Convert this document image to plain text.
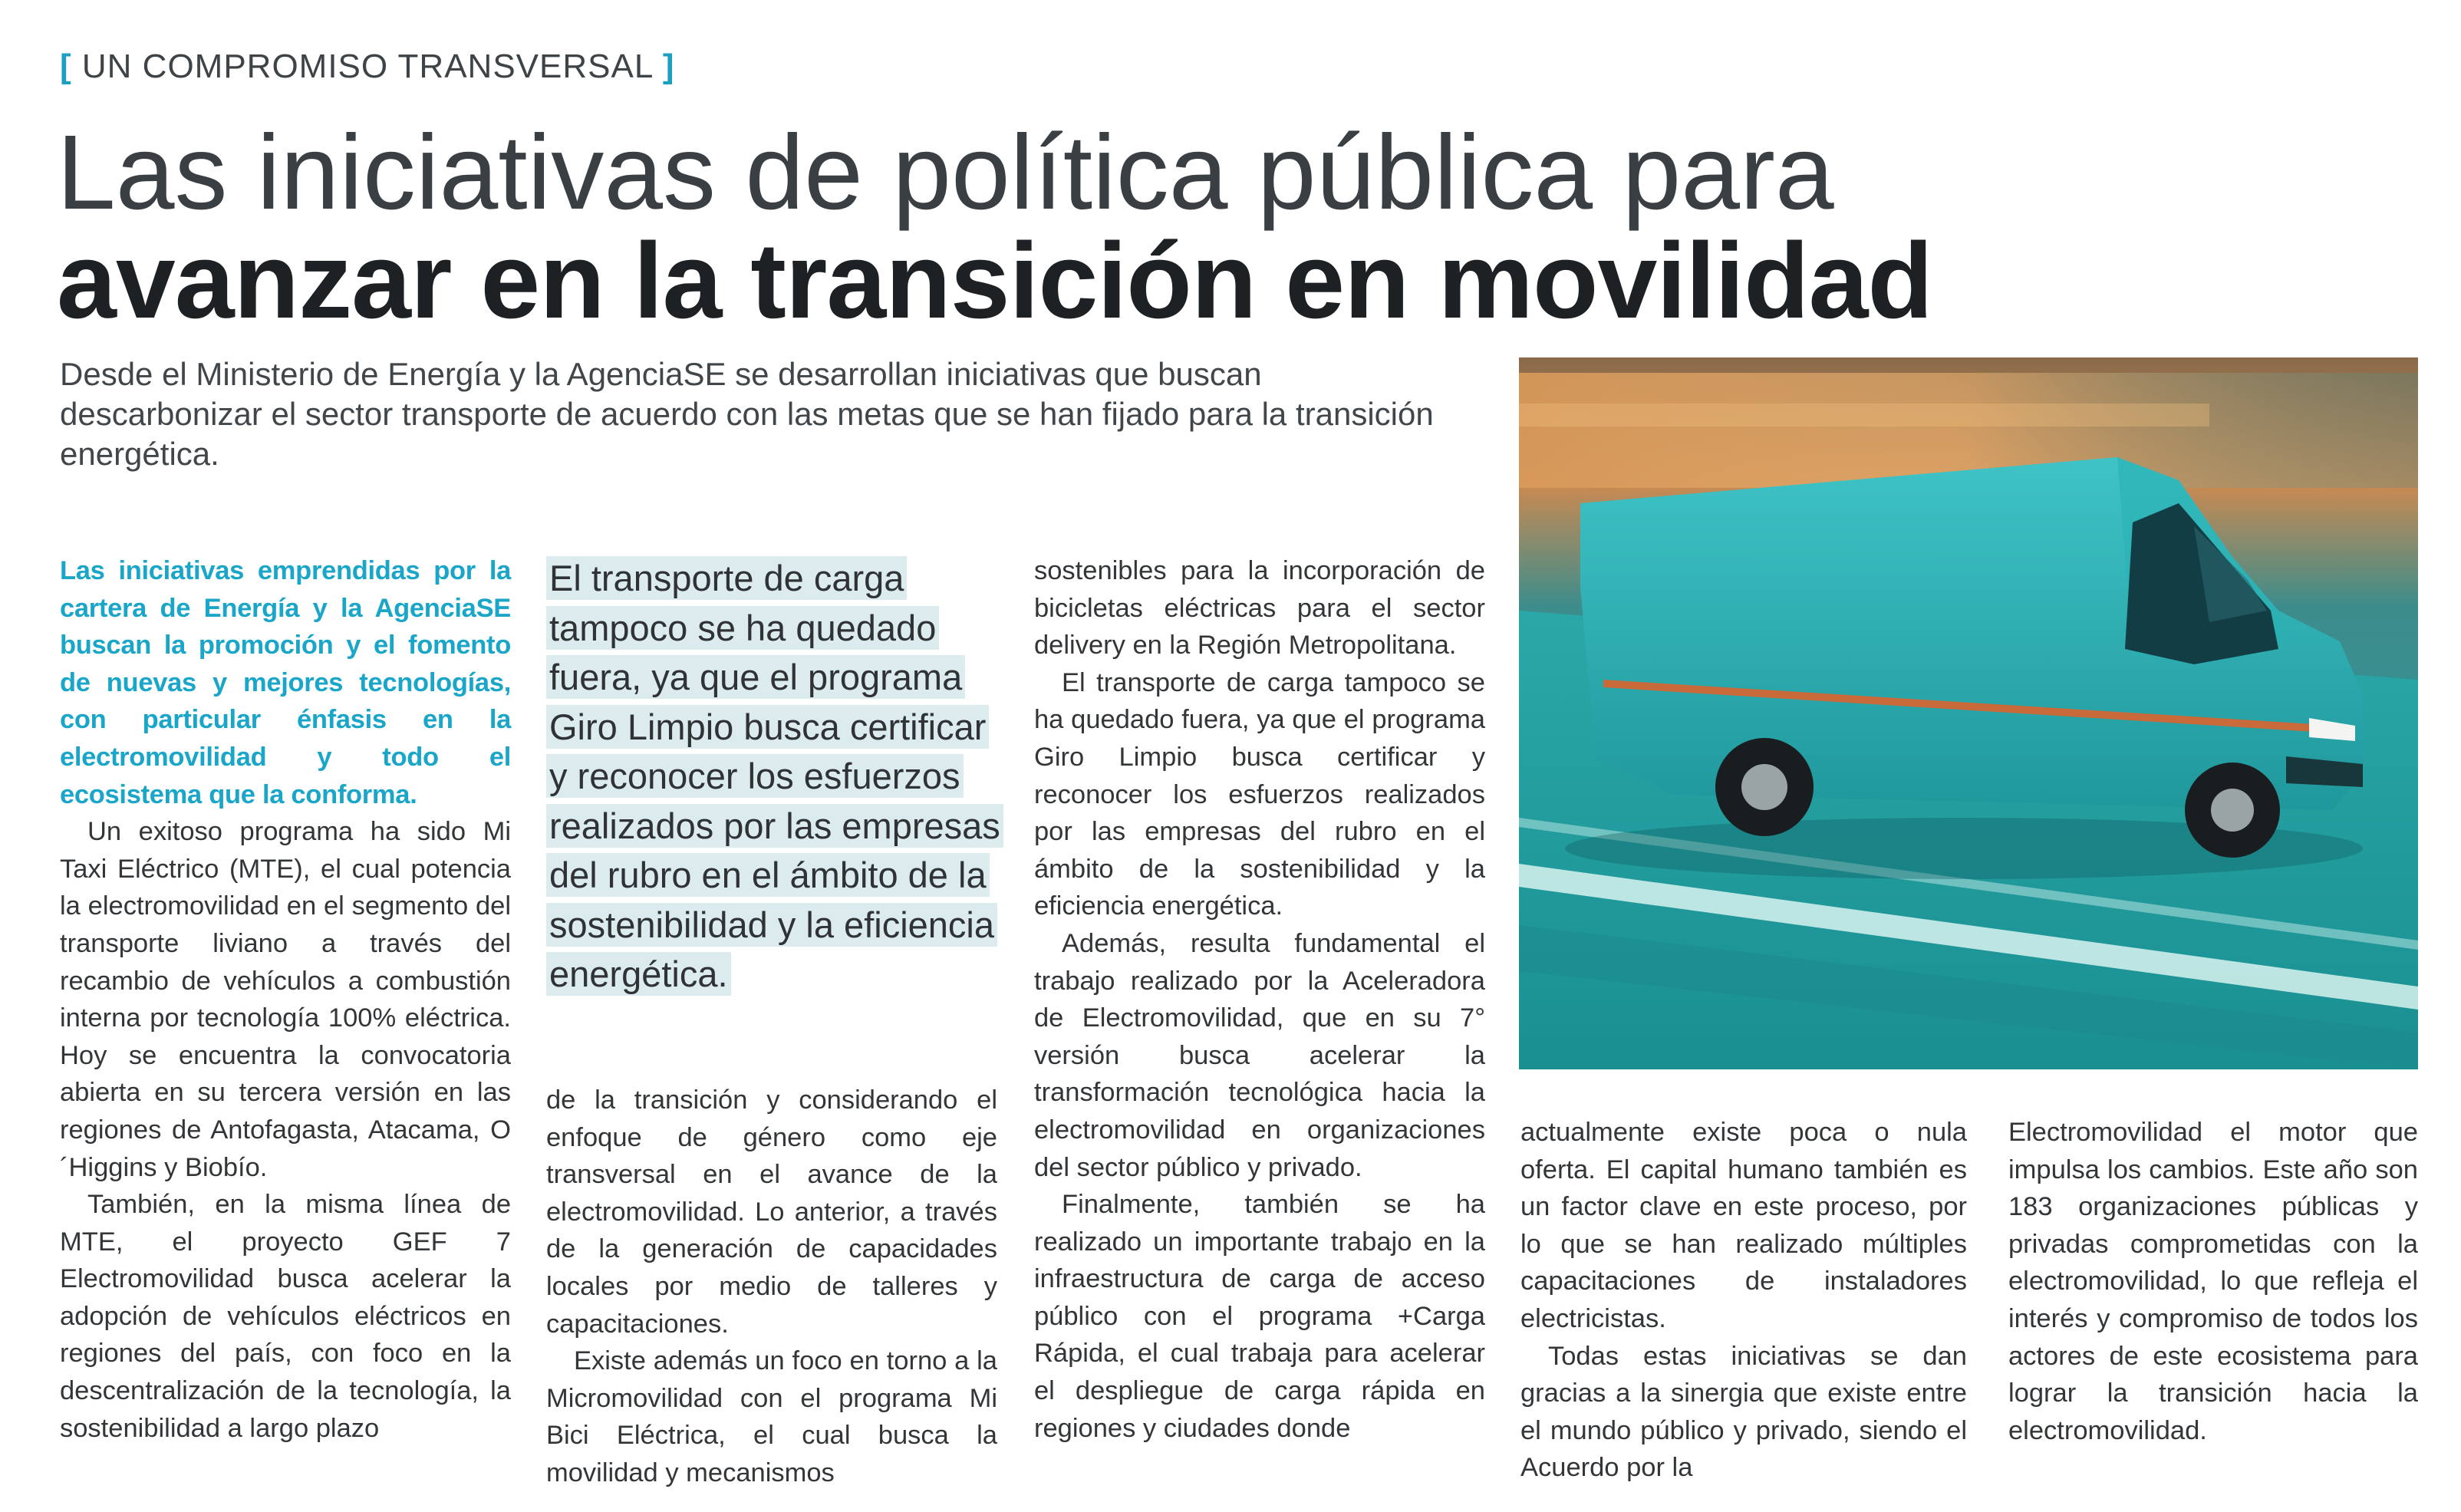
[ UN COMPROMISO TRANSVERSAL ]
Las iniciativas de política pública para
avanzar en la transición en movilidad
Desde el Ministerio de Energía y la AgenciaSE se desarrollan iniciativas que buscan descarbonizar el sector transporte de acuerdo con las metas que se han fijado para la transición energética.

Las iniciativas emprendidas por la cartera de Energía y la AgenciaSE buscan la promoción y el fomento de nuevas y mejores tecnologías, con particular énfasis en la electromovilidad y todo el ecosistema que la conforma.

Un exitoso programa ha sido Mi Taxi Eléctrico (MTE), el cual potencia la electromovilidad en el segmento del transporte liviano a través del recambio de vehículos a combustión interna por tecnología 100% eléctrica. Hoy se encuentra la convocatoria abierta en su tercera versión en las regiones de Antofagasta, Atacama, O´Higgins y Biobío.

También, en la misma línea de MTE, el proyecto GEF 7 Electromovilidad busca acelerar la adopción de vehículos eléctricos en regiones del país, con foco en la descentralización de la tecnología, la sostenibilidad a largo plazo

El transporte de carga tampoco se ha quedado fuera, ya que el programa Giro Limpio busca certificar y reconocer los esfuerzos realizados por las empresas del rubro en el ámbito de la sostenibilidad y la eficiencia energética.

de la transición y considerando el enfoque de género como eje transversal en el avance de la electromovilidad. Lo anterior, a través de la generación de capacidades locales por medio de talleres y capacitaciones.

Existe además un foco en torno a la Micromovilidad con el programa Mi Bici Eléctrica, el cual busca la movilidad y mecanismos

sostenibles para la incorporación de bicicletas eléctricas para el sector delivery en la Región Metropolitana.

El transporte de carga tampoco se ha quedado fuera, ya que el programa Giro Limpio busca certificar y reconocer los esfuerzos realizados por las empresas del rubro en el ámbito de la sostenibilidad y la eficiencia energética.

Además, resulta fundamental el trabajo realizado por la Aceleradora de Electromovilidad, que en su 7° versión busca acelerar la transformación tecnológica hacia la electromovilidad en organizaciones del sector público y privado.

Finalmente, también se ha realizado un importante trabajo en la infraestructura de carga de acceso público con el programa +Carga Rápida, el cual trabaja para acelerar el despliegue de carga rápida en regiones y ciudades donde

actualmente existe poca o nula oferta. El capital humano también es un factor clave en este proceso, por lo que se han realizado múltiples capacitaciones de instaladores electricistas.

Todas estas iniciativas se dan gracias a la sinergia que existe entre el mundo público y privado, siendo el Acuerdo por la

Electromovilidad el motor que impulsa los cambios. Este año son 183 organizaciones públicas y privadas comprometidas con la electromovilidad, lo que refleja el interés y compromiso de todos los actores de este ecosistema para lograr la transición hacia la electromovilidad.
